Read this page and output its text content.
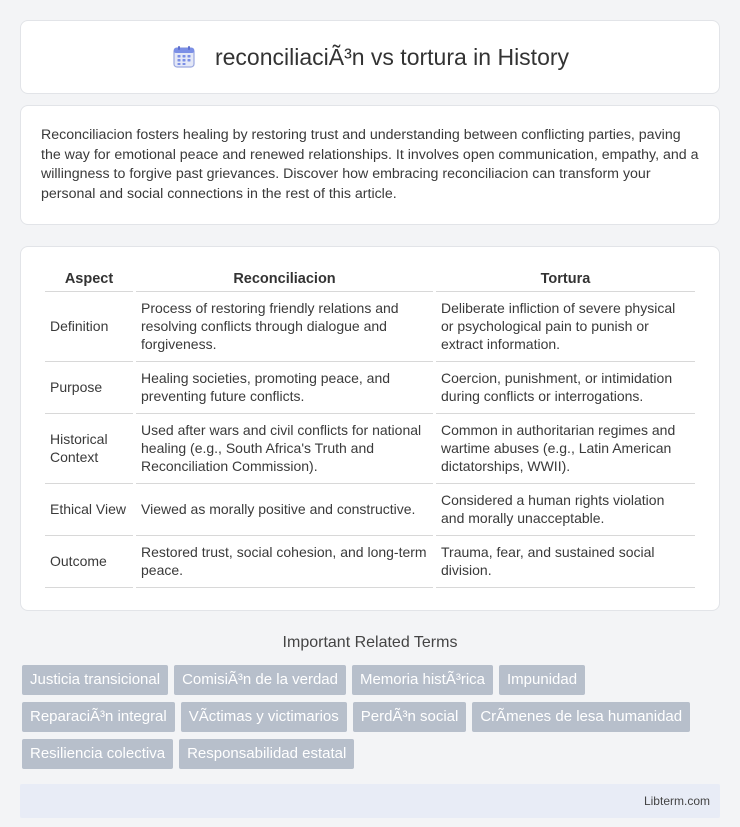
reconciliaciÃ³n vs tortura in History

Reconciliacion fosters healing by restoring trust and understanding between conflicting parties, paving the way for emotional peace and renewed relationships. It involves open communication, empathy, and a willingness to forgive past grievances. Discover how embracing reconciliacion can transform your personal and social connections in the rest of this article.

Aspect	Reconciliacion	Tortura
Definition	Process of restoring friendly relations and resolving conflicts through dialogue and forgiveness.	Deliberate infliction of severe physical or psychological pain to punish or extract information.
Purpose	Healing societies, promoting peace, and preventing future conflicts.	Coercion, punishment, or intimidation during conflicts or interrogations.
Historical Context	Used after wars and civil conflicts for national healing (e.g., South Africa's Truth and Reconciliation Commission).	Common in authoritarian regimes and wartime abuses (e.g., Latin American dictatorships, WWII).
Ethical View	Viewed as morally positive and constructive.	Considered a human rights violation and morally unacceptable.
Outcome	Restored trust, social cohesion, and long-term peace.	Trauma, fear, and sustained social division.
Important Related Terms
Justicia transicional	ComisiÃ³n de la verdad	Memoria histÃ³rica	Impunidad
ReparaciÃ³n integral	VÃctimas y victimarios	PerdÃ³n social	CrÃmenes de lesa humanidad
Resiliencia colectiva	Responsabilidad estatal
Libterm.com
